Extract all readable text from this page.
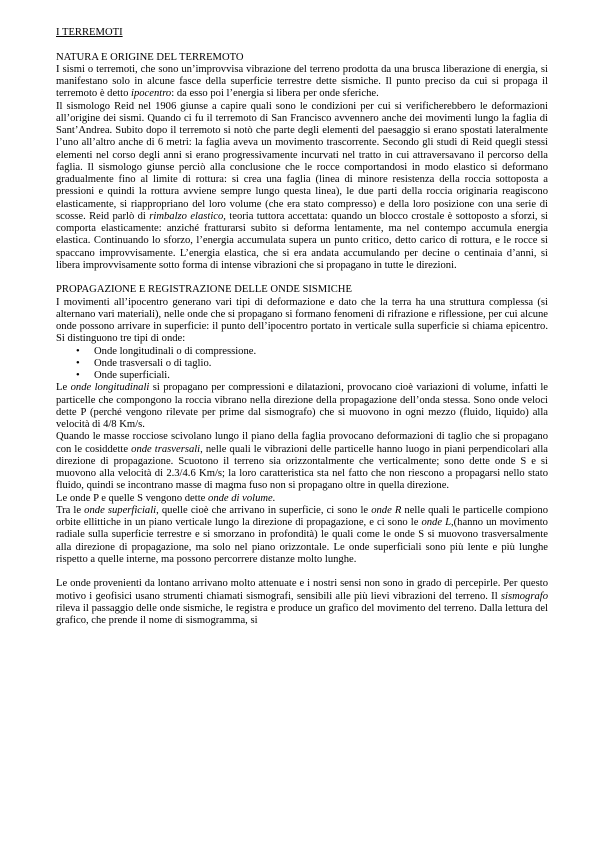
I TERREMOTI
NATURA E ORIGINE DEL TERREMOTO

I sismi o terremoti, che sono un’improvvisa vibrazione del terreno prodotta da una brusca liberazione di energia, si manifestano solo in alcune fasce della superficie terrestre dette sismiche. Il punto preciso da cui si propaga il terremoto è detto ipocentro: da esso poi l’energia si libera per onde sferiche.

Il sismologo Reid nel 1906 giunse a capire quali sono le condizioni per cui si verificherebbero le deformazioni all’origine dei sismi. Quando ci fu il terremoto di San Francisco avvennero anche dei movimenti lungo la faglia di Sant’Andrea. Subito dopo il terremoto si notò che parte degli elementi del paesaggio si erano spostati lateralmente l’uno all’altro anche di 6 metri: la faglia aveva un movimento trascorrente. Secondo gli studi di Reid quegli stessi elementi nel corso degli anni si erano progressivamente incurvati nel tratto in cui attraversavano il percorso della faglia. Il sismologo giunse perciò alla conclusione che le rocce comportandosi in modo elastico si deformano gradualmente fino al limite di rottura: si crea una faglia (linea di minore resistenza della roccia sottoposta a pressioni e quindi la rottura avviene sempre lungo questa linea), le due parti della roccia originaria reagiscono elasticamente, si riappropriano del loro volume (che era stato compresso) e della loro posizione con una serie di scosse. Reid parlò di rimbalzo elastico, teoria tuttora accettata: quando un blocco crostale è sottoposto a sforzi, si comporta elasticamente: anziché fratturarsi subito si deforma lentamente, ma nel contempo accumula energia elastica. Continuando lo sforzo, l’energia accumulata supera un punto critico, detto carico di rottura, e le rocce si spaccano improvvisamente. L’energia elastica, che si era andata accumulando per decine o centinaia d’anni, si libera improvvisamente sotto forma di intense vibrazioni che si propagano in tutte le direzioni.

PROPAGAZIONE E REGISTRAZIONE DELLE ONDE SISMICHE

I movimenti all’ipocentro generano vari tipi di deformazione e dato che la terra ha una struttura complessa (si alternano vari materiali), nelle onde che si propagano si formano fenomeni di rifrazione e riflessione, per cui alcune onde possono arrivare in superficie: il punto dell’ipocentro portato in verticale sulla superficie si chiama epicentro. Si distinguono tre tipi di onde:

• Onde longitudinali o di compressione.
• Onde trasversali o di taglio.
• Onde superficiali.

Le onde longitudinali si propagano per compressioni e dilatazioni, provocano cioè variazioni di volume, infatti le particelle che compongono la roccia vibrano nella direzione della propagazione dell’onda stessa. Sono onde veloci dette P (perché vengono rilevate per prime dal sismografo) che si muovono in ogni mezzo (fluido, liquido) alla velocità di 4/8 Km/s.

Quando le masse rocciose scivolano lungo il piano della faglia provocano deformazioni di taglio che si propagano con le cosiddette onde trasversali, nelle quali le vibrazioni delle particelle hanno luogo in piani perpendicolari alla direzione di propagazione. Scuotono il terreno sia orizzontalmente che verticalmente; sono dette onde S e si muovono alla velocità di 2.3/4.6 Km/s; la loro caratteristica sta nel fatto che non riescono a propagarsi nello stato fluido, quindi se incontrano masse di magma fuso non si propagano oltre in quella direzione.

Le onde P e quelle S vengono dette onde di volume.

Tra le onde superficiali, quelle cioè che arrivano in superficie, ci sono le onde R nelle quali le particelle compiono orbite ellittiche in un piano verticale lungo la direzione di propagazione, e ci sono le onde L,(hanno un movimento radiale sulla superficie terrestre e si smorzano in profondità) le quali come le onde S si muovono trasversalmente alla direzione di propagazione, ma solo nel piano orizzontale. Le onde superficiali sono più lente e più lunghe rispetto a quelle interne, ma possono percorrere distanze molto lunghe.

Le onde provenienti da lontano arrivano molto attenuate e i nostri sensi non sono in grado di percepirle. Per questo motivo i geofisici usano strumenti chiamati sismografi, sensibili alle più lievi vibrazioni del terreno. Il sismografo rileva il passaggio delle onde sismiche, le registra e produce un grafico del movimento del terreno. Dalla lettura del grafico, che prende il nome di sismogramma, si
